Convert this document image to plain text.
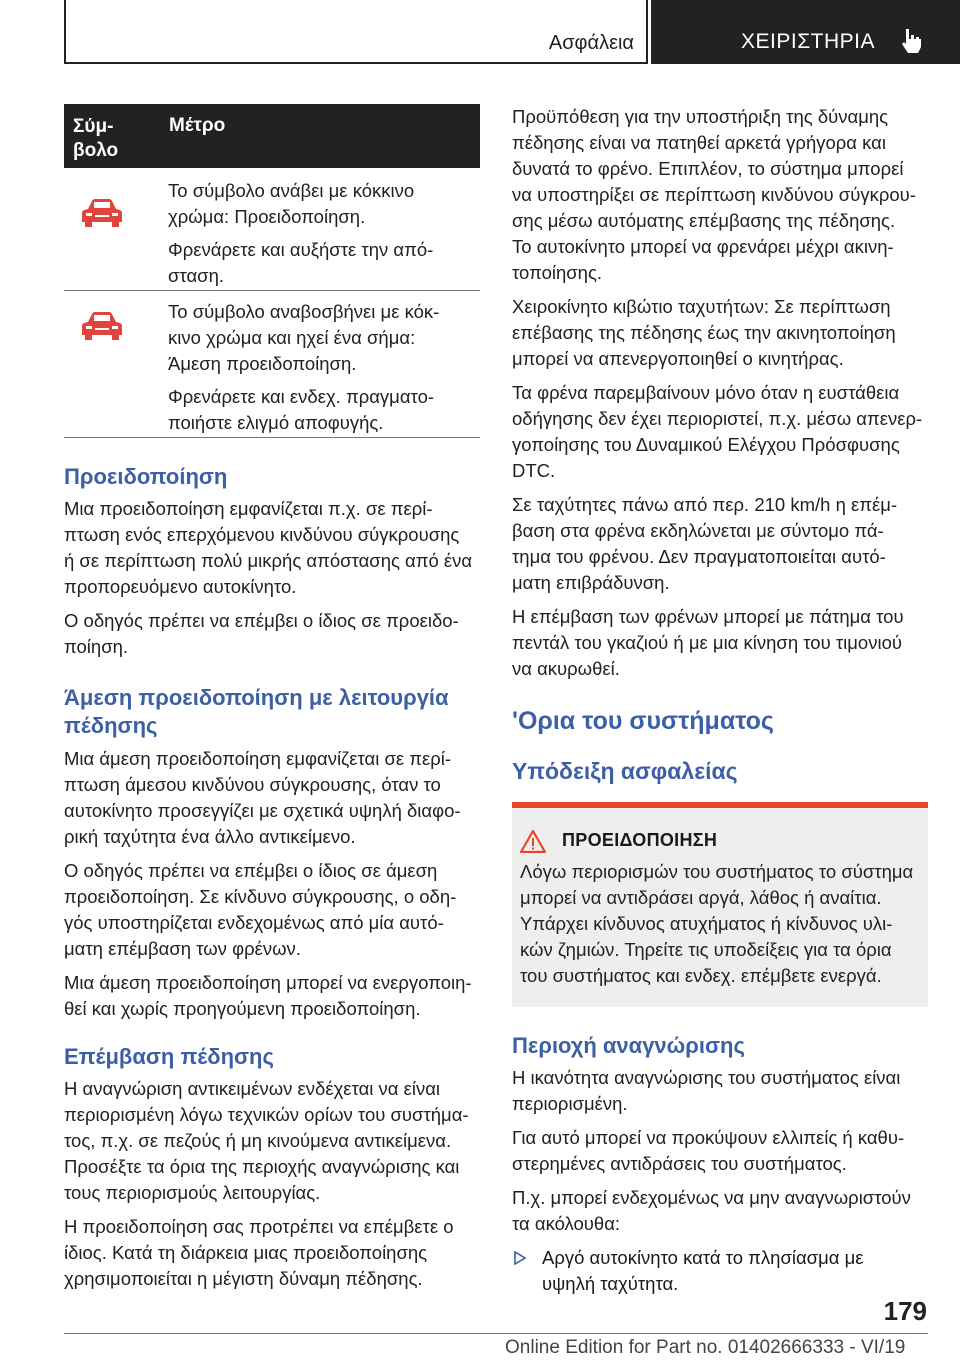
Ασφάλεια	ΧΕΙΡΙΣΤΗΡΙΑ
Σύμ-
βολο
Μέτρο

Το σύμβολο ανάβει με κόκκινο χρώμα: Προειδοποίηση.

Φρενάρετε και αυξήστε την από-
σταση.

Το σύμβολο αναβοσβήνει με κόκ-
κινο χρώμα και ηχεί ένα σήμα:
Άμεση προειδοποίηση.

Φρενάρετε και ενδεχ. πραγματο-
ποιήστε ελιγμό αποφυγής.

Προειδοποίηση

Μια προειδοποίηση εμφανίζεται π.χ. σε περί-
πτωση ενός επερχόμενου κινδύνου σύγκρουσης
ή σε περίπτωση πολύ μικρής απόστασης από ένα
προπορευόμενο αυτοκίνητο.

Ο οδηγός πρέπει να επέμβει ο ίδιος σε προειδο-
ποίηση.

Άμεση προειδοποίηση με λειτουργία
πέδησης

Μια άμεση προειδοποίηση εμφανίζεται σε περί-
πτωση άμεσου κινδύνου σύγκρουσης, όταν το
αυτοκίνητο προσεγγίζει με σχετικά υψηλή διαφο-
ρική ταχύτητα ένα άλλο αντικείμενο.

Ο οδηγός πρέπει να επέμβει ο ίδιος σε άμεση
προειδοποίηση. Σε κίνδυνο σύγκρουσης, ο οδη-
γός υποστηρίζεται ενδεχομένως από μία αυτό-
ματη επέμβαση των φρένων.

Μια άμεση προειδοποίηση μπορεί να ενεργοποιη-
θεί και χωρίς προηγούμενη προειδοποίηση.

Επέμβαση πέδησης

Η αναγνώριση αντικειμένων ενδέχεται να είναι
περιορισμένη λόγω τεχνικών ορίων του συστήμα-
τος, π.χ. σε πεζούς ή μη κινούμενα αντικείμενα.
Προσέξτε τα όρια της περιοχής αναγνώρισης και
τους περιορισμούς λειτουργίας.

Η προειδοποίηση σας προτρέπει να επέμβετε ο
ίδιος. Κατά τη διάρκεια μιας προειδοποίησης
χρησιμοποιείται η μέγιστη δύναμη πέδησης.

Προϋπόθεση για την υποστήριξη της δύναμης
πέδησης είναι να πατηθεί αρκετά γρήγορα και
δυνατά το φρένο. Επιπλέον, το σύστημα μπορεί
να υποστηρίξει σε περίπτωση κινδύνου σύγκρου-
σης μέσω αυτόματης επέμβασης της πέδησης.
Το αυτοκίνητο μπορεί να φρενάρει μέχρι ακινη-
τοποίησης.

Χειροκίνητο κιβώτιο ταχυτήτων: Σε περίπτωση
επέβασης της πέδησης έως την ακινητοποίηση
μπορεί να απενεργοποιηθεί ο κινητήρας.

Τα φρένα παρεμβαίνουν μόνο όταν η ευστάθεια
οδήγησης δεν έχει περιοριστεί, π.χ. μέσω απενερ-
γοποίησης του Δυναμικού Ελέγχου Πρόσφυσης
DTC.

Σε ταχύτητες πάνω από περ. 210 km/h η επέμ-
βαση στα φρένα εκδηλώνεται με σύντομο πά-
τημα του φρένου. Δεν πραγματοποιείται αυτό-
ματη επιβράδυνση.

Η επέμβαση των φρένων μπορεί με πάτημα του
πεντάλ του γκαζιού ή με μια κίνηση του τιμονιού
να ακυρωθεί.

'Ορια του συστήματος
Υπόδειξη ασφαλείας
ΠΡΟΕΙΔΟΠΟΙΗΣΗ

Λόγω περιορισμών του συστήματος το σύστημα
μπορεί να αντιδράσει αργά, λάθος ή αναίτια.
Υπάρχει κίνδυνος ατυχήματος ή κίνδυνος υλι-
κών ζημιών. Τηρείτε τις υποδείξεις για τα όρια
του συστήματος και ενδεχ. επέμβετε ενεργά.

Περιοχή αναγνώρισης

Η ικανότητα αναγνώρισης του συστήματος είναι
περιορισμένη.

Για αυτό μπορεί να προκύψουν ελλιπείς ή καθυ-
στερημένες αντιδράσεις του συστήματος.

Π.χ. μπορεί ενδεχομένως να μην αναγνωριστούν
τα ακόλουθα:

Αργό αυτοκίνητο κατά το πλησίασμα με
υψηλή ταχύτητα.
179
Online Edition for Part no. 01402666333 - VI/19
